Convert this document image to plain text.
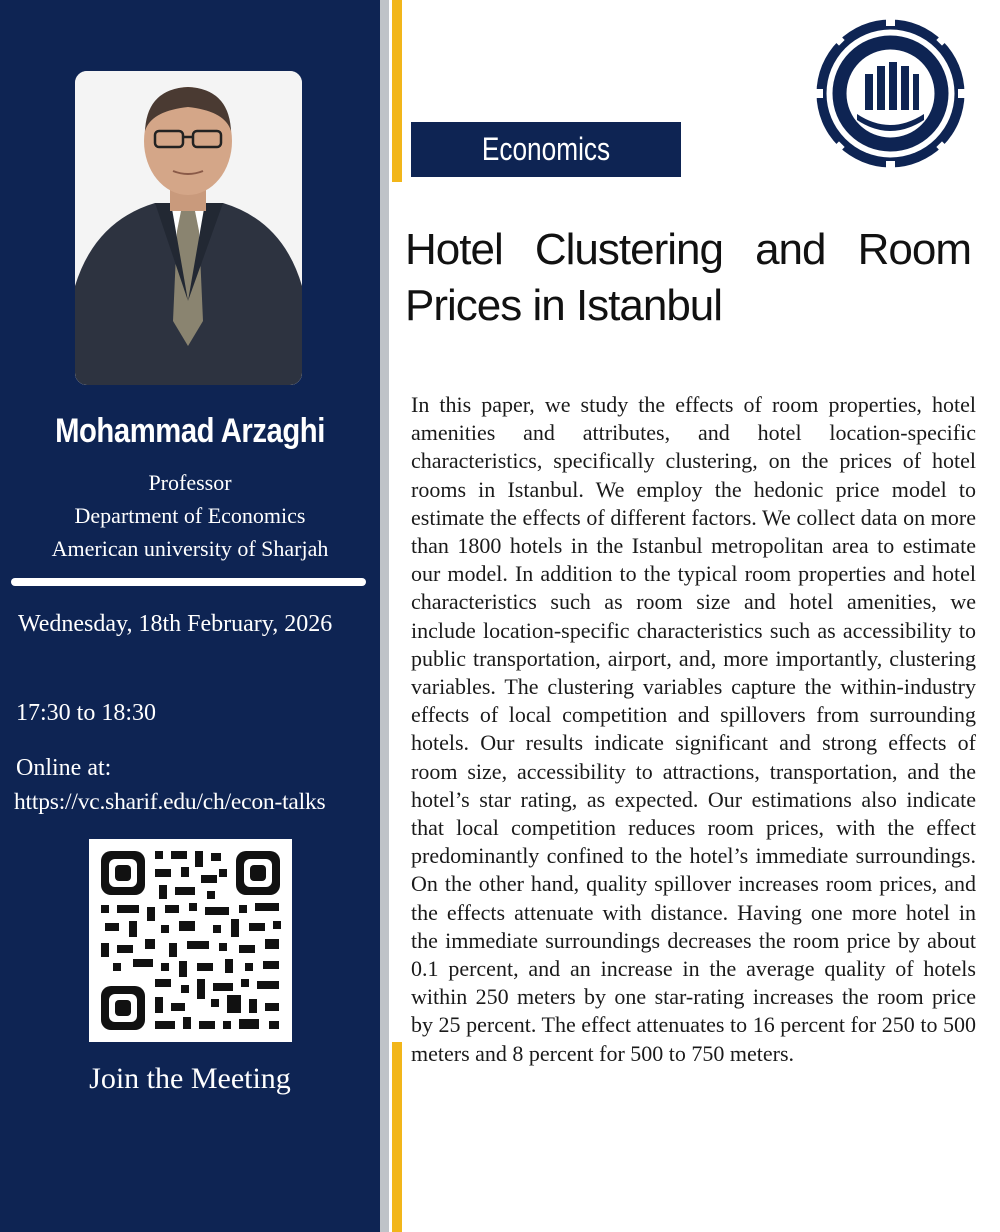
Mohammad Arzaghi
Professor
Department of Economics
American university of Sharjah
Wednesday, 18th February, 2026
17:30 to 18:30
Online at:
https://vc.sharif.edu/ch/econ-talks
Join the Meeting
Economics Seminar
Hotel Clustering and Room Prices in Istanbul
In this paper, we study the effects of room properties, hotel amenities and attributes, and hotel location-specific characteristics, specifically clustering, on the prices of hotel rooms in Istanbul. We employ the hedonic price model to estimate the effects of different factors. We collect data on more than 1800 hotels in the Istanbul metropolitan area to estimate our model. In addition to the typical room properties and hotel characteristics such as room size and hotel amenities, we include location-specific characteristics such as accessibility to public transportation, airport, and, more importantly, clustering variables. The clustering variables capture the within-industry effects of local competition and spillovers from surrounding hotels. Our results indicate significant and strong effects of room size, accessibility to attractions, transportation, and the hotel’s star rating, as expected. Our estimations also indicate that local competition reduces room prices, with the effect predominantly confined to the hotel’s immediate surroundings. On the other hand, quality spillover increases room prices, and the effects attenuate with distance. Having one more hotel in the immediate surroundings decreases the room price by about 0.1 percent, and an increase in the average quality of hotels within 250 meters by one star-rating increases the room price by 25 percent. The effect attenuates to 16 percent for 250 to 500 meters and 8 percent for 500 to 750 meters.
